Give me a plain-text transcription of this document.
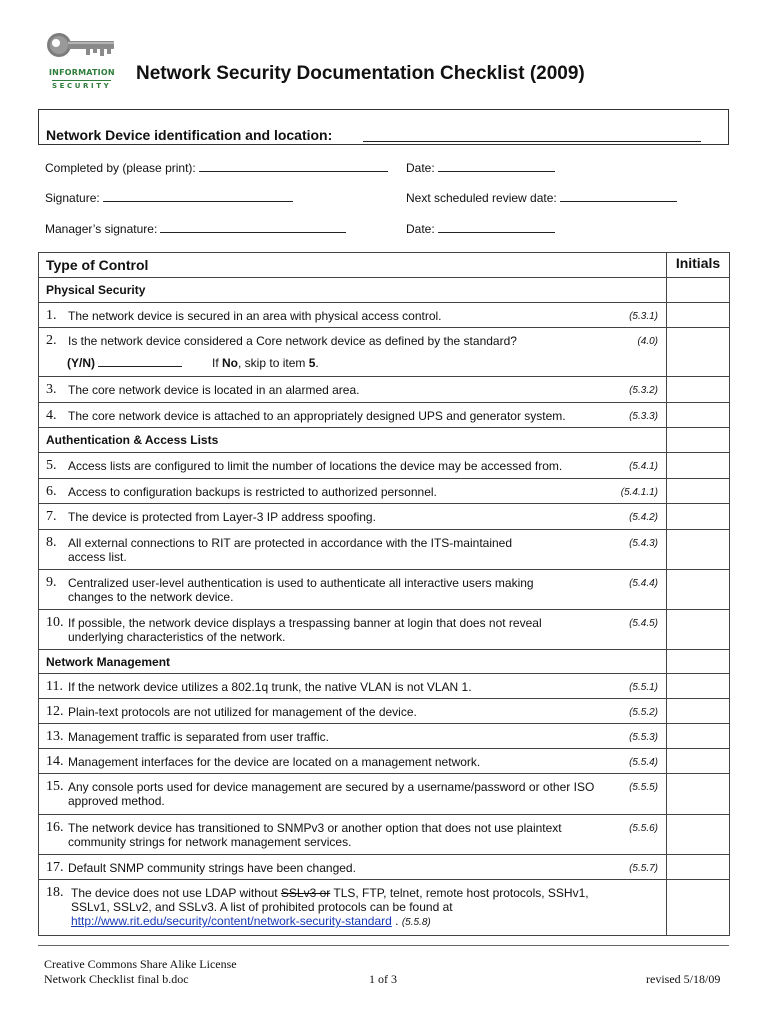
INFORMATION
SECURITY
Network Security Documentation Checklist (2009)
Network Device identification and location:
Completed by (please print):	Date:
Signature:	Next scheduled review date:
Manager’s signature:	Date:
Type of Control	Initials
Physical Security	
1. The network device is secured in an area with physical access control. (5.3.1)	

2. Is the network device considered a Core network device as defined by the standard? (4.0)
(Y/N) If No, skip to item 5.	

3. The core network device is located in an alarmed area. (5.3.2)	

4. The core network device is attached to an appropriately designed UPS and generator system. (5.3.3)	

Authentication & Access Lists	
5. Access lists are configured to limit the number of locations the device may be accessed from. (5.4.1)	

6. Access to configuration backups is restricted to authorized personnel. (5.4.1.1)	

7. The device is protected from Layer-3 IP address spoofing. (5.4.2)	

8. All external connections to RIT are protected in accordance with the ITS-maintained access list.
(5.4.3)	

9. Centralized user-level authentication is used to authenticate all interactive users making changes to the network device.
(5.4.4)	

10. If possible, the network device displays a trespassing banner at login that does not reveal underlying characteristics of the network.
(5.4.5)	

Network Management	
11. If the network device utilizes a 802.1q trunk, the native VLAN is not VLAN 1. (5.5.1)	

12. Plain-text protocols are not utilized for management of the device. (5.5.2)	

13. Management traffic is separated from user traffic. (5.5.3)	

14. Management interfaces for the device are located on a management network. (5.5.4)	

15. Any console ports used for device management are secured by a username/password or other ISO approved method.
(5.5.5)	

16. The network device has transitioned to SNMPv3 or another option that does not use plaintext community strings for network management services.
(5.5.6)	

17. Default SNMP community strings have been changed. (5.5.7)	

18. The device does not use LDAP without SSLv3 or TLS, FTP, telnet, remote host protocols, SSHv1, SSLv1, SSLv2, and SSLv3. A list of prohibited protocols can be found at
http://www.rit.edu/security/content/network-security-standard . (5.5.8)	
Creative Commons Share Alike License
Network Checklist final b.doc	1 of 3	revised 5/18/09
